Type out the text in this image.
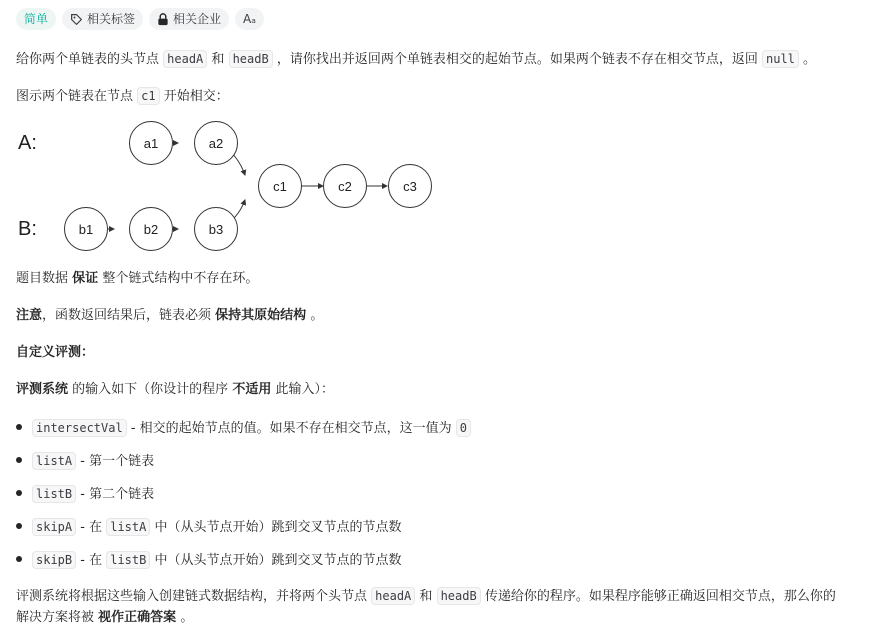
简单	相关标签	相关企业 Aₐ
给你两个单链表的头节点 headA 和 headB ，请你找出并返回两个单链表相交的起始节点。如果两个链表不存在相交节点，返回 null 。
图示两个链表在节点 c1 开始相交：
A:
B:
a1	a2
b1	b2	b3
c1	c2	c3
题目数据 保证 整个链式结构中不存在环。
注意，函数返回结果后，链表必须 保持其原始结构 。
自定义评测：
评测系统 的输入如下（你设计的程序 不适用 此输入）：
intersectVal - 相交的起始节点的值。如果不存在相交节点，这一值为 0
listA - 第一个链表
listB - 第二个链表
skipA - 在 listA 中（从头节点开始）跳到交叉节点的节点数
skipB - 在 listB 中（从头节点开始）跳到交叉节点的节点数
评测系统将根据这些输入创建链式数据结构，并将两个头节点 headA 和 headB 传递给你的程序。如果程序能够正确返回相交节点，那么你的
解决方案将被 视作正确答案 。
